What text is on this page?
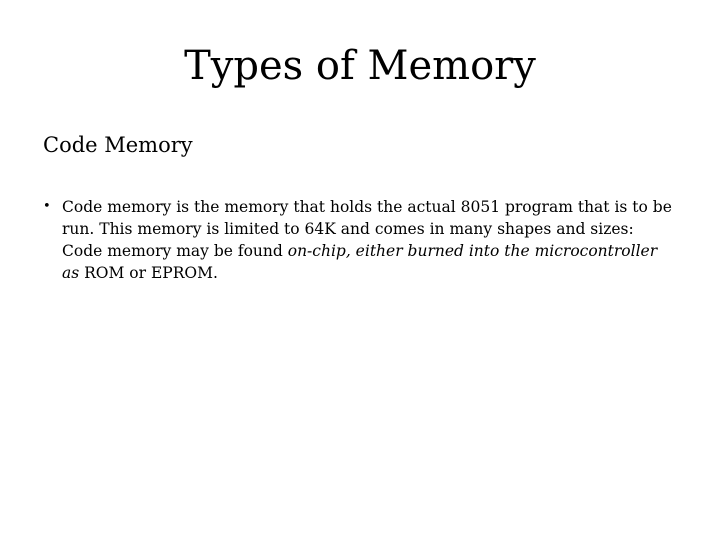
Types of Memory
Code Memory
• Code memory is the memory that holds the actual 8051 program that is to be run. This memory is limited to 64K and comes in many shapes and sizes: Code memory may be found on-chip, either burned into the microcontroller as ROM or EPROM.
